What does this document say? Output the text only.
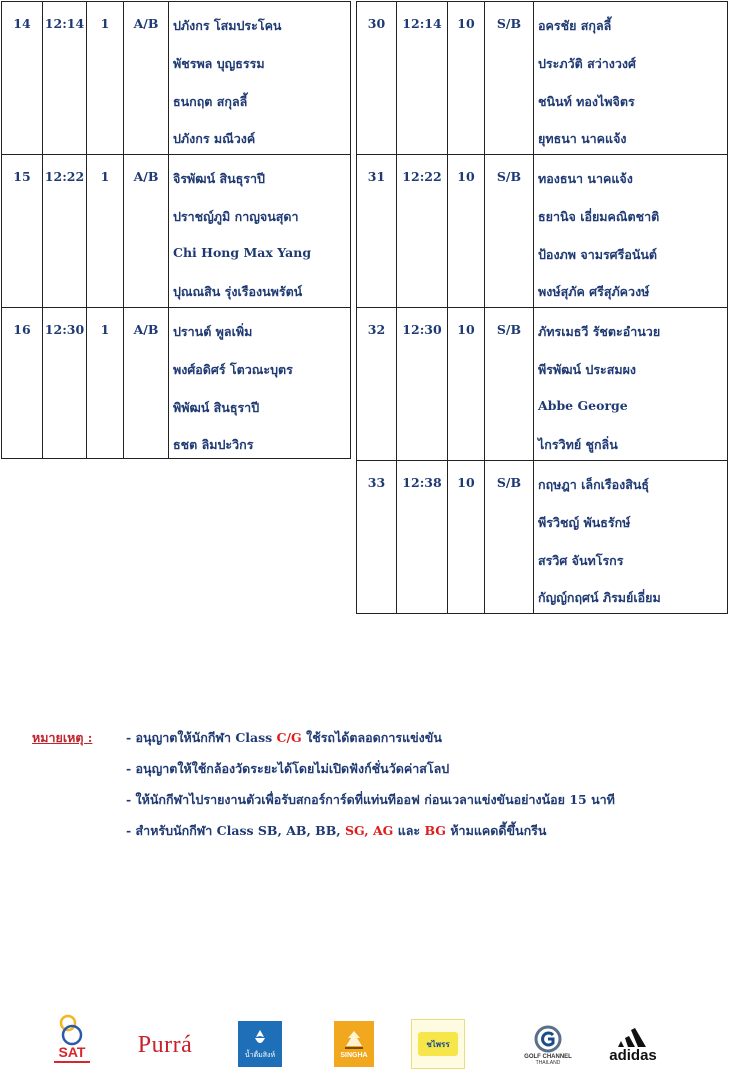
14	12:14	1	A/B	ปภังกร โสมประโคน
พัชรพล บุญธรรม
ธนกฤต สกุลลี้
ปภังกร มณีวงค์
15	12:22	1	A/B	จิรพัฒน์ สินธุราปี
ปราชญ์ภูมิ กาญจนสุดา
Chi Hong Max Yang
ปุณณสิน รุ่งเรืองนพรัตน์
16	12:30	1	A/B	ปรานต์ พูลเพิ่ม
พงศ์อดิศร์ โตวณะบุตร
พิพัฒน์ สินธุราปี
ธชต ลิมปะวิกร
30	12:14	10	S/B	อครชัย สกุลลี้
ประภวัติ สว่างวงศ์
ชนินท์ ทองไพจิตร
ยุทธนา นาคแจ้ง
31	12:22	10	S/B	ทองธนา นาคแจ้ง
ธยานิจ เอี่ยมคณิตชาติ
ป้องภพ จามรศรีอนันต์
พงษ์สุภัค ศรีสุภัควงษ์
32	12:30	10	S/B	ภัทรเมธวี รัชตะอำนวย
พีรพัฒน์ ประสมผง
Abbe George
ไกรวิทย์ ชูกลิ่น
33	12:38	10	S/B	กฤษฎา เล็กเรืองสินธุ์
พีรวิชญ์ พันธรักษ์
สรวิศ จันทโรกร
กัญญ์กฤศน์ ภิรมย์เอี่ยม
หมายเหตุ :	- อนุญาตให้นักกีฬา Class C/G ใช้รถได้ตลอดการแข่งขัน
- อนุญาตให้ใช้กล้องวัดระยะได้โดยไม่เปิดฟังก์ชั่นวัดค่าสโลป
- ให้นักกีฬาไปรายงานตัวเพื่อรับสกอร์การ์ดที่แท่นทีออฟ ก่อนเวลาแข่งขันอย่างน้อย 15 นาที
- สำหรับนักกีฬา Class SB, AB, BB, SG, AG และ BG ห้ามแคดดี้ขึ้นกรีน
SAT Purrá	น้ำดื่มสิงห์	SINGHA
ชไพรร
GOLF CHANNEL
THAILAND	adidas
